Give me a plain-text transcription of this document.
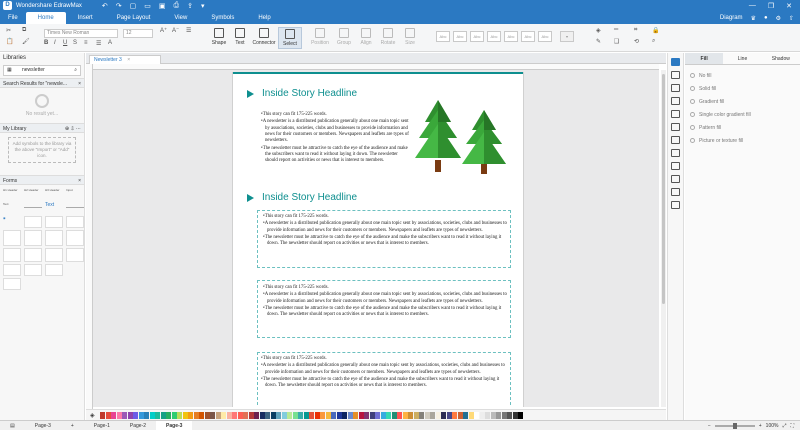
D	Wondershare EdrawMax	↶ ↷ ▢ ▭ ▣ ⎙ ⇪ ▾	— ❐ ✕
File	Home	Insert	Page Layout	View	Symbols	Help	Diagram ♛ ● ⚙ ⇧
✂
📋
⧉
🖌
Times New Roman	12
B I U S ≡ ☰ A
A⁺ A⁻ ☰
Shape	Text	Connector	Select	Position	Group	Align	Rotate	Size
Abc	Abc	Abc	Abc	Abc	Abc	Abc	▾
◈
✎
═
❑
⌗
⟲
🔒
⌕
Libraries
▦ newsletter	⌕
Search Results for "newsle... ×
No result yet...
My Library	⊕ ⇩ ⋯
Add symbols to the library via the above "Import" or "Add" icon.
Forms	×
H1 Header	H2 Header	H3 Header	Input
Text	Text
◉
Newsletter 3 ×
Inside Story Headline

• This story can fit 175-225 words.

• A newsletter is a distributed publication generally about one main topic sent by associations, societies, clubs and businesses to provide information and news for their customers or members. Newspapers and leaflets are types of newsletters.

• The newsletter must be attractive to catch the eye of the audience and make the subscribers want to read it without laying it down. The newsletter should report on activities or news that is interest to members.

Inside Story Headline

• This story can fit 175-225 words.

• A newsletter is a distributed publication generally about one main topic sent by associations, societies, clubs and businesses to provide information and news for their customers or members. Newspapers and leaflets are types of newsletters.

• The newsletter must be attractive to catch the eye of the audience and make the subscribers want to read it without laying it down. The newsletter should report on activities or news that is interest to members.

• This story can fit 175-225 words.

• A newsletter is a distributed publication generally about one main topic sent by associations, societies, clubs and businesses to provide information and news for their customers or members. Newspapers and leaflets are types of newsletters.

• The newsletter must be attractive to catch the eye of the audience and make the subscribers want to read it without laying it down. The newsletter should report on activities or news that is interest to members.

• This story can fit 175-225 words.

• A newsletter is a distributed publication generally about one main topic sent by associations, societies, clubs and businesses to provide information and news for their customers or members. Newspapers and leaflets are types of newsletters.

• The newsletter must be attractive to catch the eye of the audience and make the subscribers want to read it without laying it down. The newsletter should report on activities or news that is interest to members.

◈
▤	Page-3	+	Page-1	Page-2	Page-3	−	+ 100% ⤢ ⛶
Fill	Line	Shadow
No fill
Solid fill
Gradient fill
Single color gradient fill
Pattern fill
Picture or texture fill
